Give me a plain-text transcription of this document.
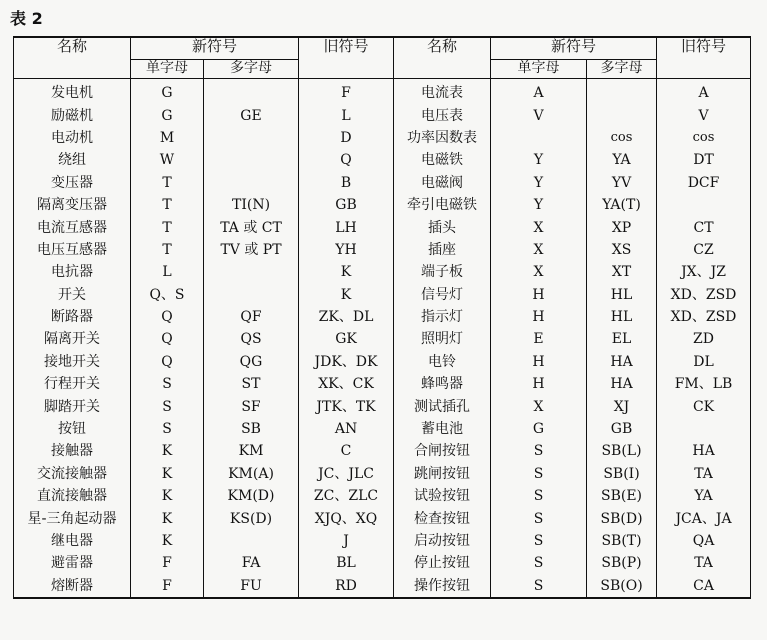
表 2
名称	新符号		旧符号	名称	新符号		旧符号
	单字母	多字母			单字母	多字母	
发电机	G		F	电流表	A		A
励磁机	G	GE	L	电压表	V		V
电动机	M		D	功率因数表		cos	cos
绕组	W		Q	电磁铁	Y	YA	DT
变压器	T		B	电磁阀	Y	YV	DCF
隔离变压器	T	TI(N)	GB	牵引电磁铁	Y	YA(T)	
电流互感器	T	TA 或 CT	LH	插头	X	XP	CT
电压互感器	T	TV 或 PT	YH	插座	X	XS	CZ
电抗器	L		K	端子板	X	XT	JX、JZ
开关	Q、S		K	信号灯	H	HL	XD、ZSD
断路器	Q	QF	ZK、DL	指示灯	H	HL	XD、ZSD
隔离开关	Q	QS	GK	照明灯	E	EL	ZD
接地开关	Q	QG	JDK、DK	电铃	H	HA	DL
行程开关	S	ST	XK、CK	蜂鸣器	H	HA	FM、LB
脚踏开关	S	SF	JTK、TK	测试插孔	X	XJ	CK
按钮	S	SB	AN	蓄电池	G	GB	
接触器	K	KM	C	合闸按钮	S	SB(L)	HA
交流接触器	K	KM(A)	JC、JLC	跳闸按钮	S	SB(I)	TA
直流接触器	K	KM(D)	ZC、ZLC	试验按钮	S	SB(E)	YA
星-三角起动器	K	KS(D)	XJQ、XQ	检查按钮	S	SB(D)	JCA、JA
继电器	K		J	启动按钮	S	SB(T)	QA
避雷器	F	FA	BL	停止按钮	S	SB(P)	TA
熔断器	F	FU	RD	操作按钮	S	SB(O)	CA
